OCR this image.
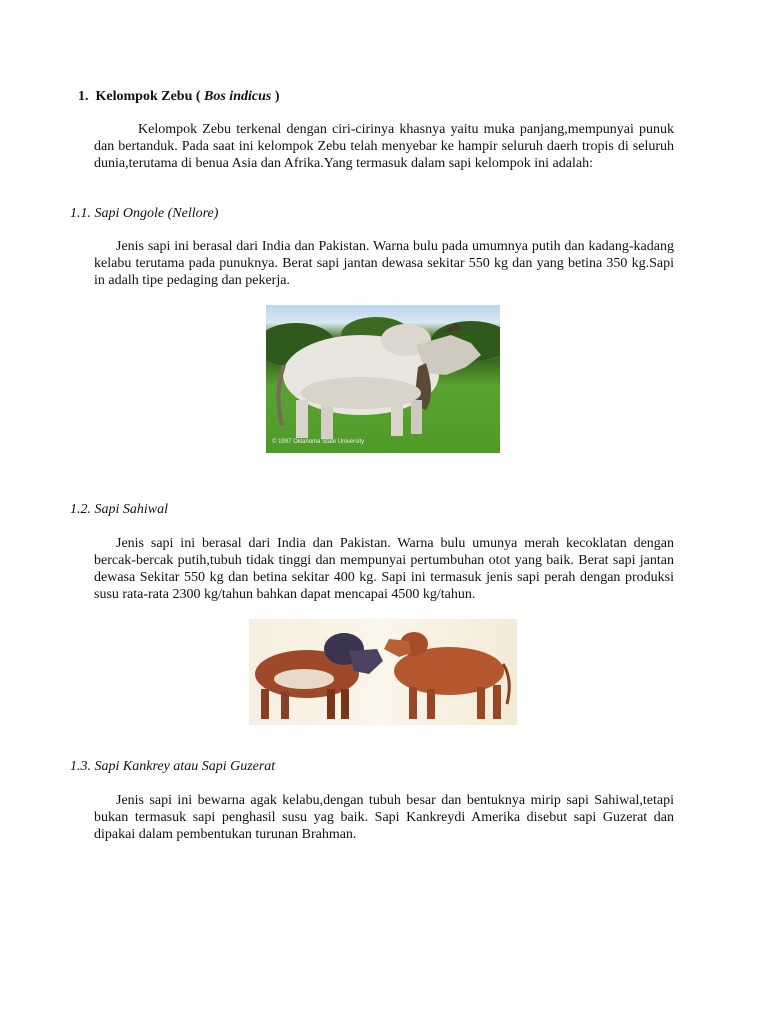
1. Kelompok Zebu ( Bos indicus )
Kelompok Zebu terkenal dengan ciri-cirinya khasnya yaitu muka panjang,mempunyai punuk dan bertanduk. Pada saat ini kelompok Zebu telah menyebar ke hampir seluruh daerh tropis di seluruh dunia,terutama di benua Asia dan Afrika.Yang termasuk dalam sapi kelompok ini adalah:
1.1. Sapi Ongole (Nellore)
Jenis sapi ini berasal dari India dan Pakistan. Warna bulu pada umumnya putih dan kadang-kadang kelabu terutama pada punuknya. Berat sapi jantan dewasa sekitar 550 kg dan yang betina 350 kg.Sapi in adalh tipe pedaging dan pekerja.
© 1997 Oklahoma State University
1.2. Sapi Sahiwal
Jenis sapi ini berasal dari India dan Pakistan. Warna bulu umunya merah kecoklatan dengan bercak-bercak putih,tubuh tidak tinggi dan mempunyai pertumbuhan otot yang baik. Berat sapi jantan dewasa Sekitar 550 kg dan betina sekitar 400 kg. Sapi ini termasuk jenis sapi perah dengan produksi susu rata-rata 2300 kg/tahun bahkan dapat mencapai 4500 kg/tahun.
1.3. Sapi Kankrey atau Sapi Guzerat
Jenis sapi ini bewarna agak kelabu,dengan tubuh besar dan bentuknya mirip sapi Sahiwal,tetapi bukan termasuk sapi penghasil susu yag baik. Sapi Kankreydi Amerika disebut sapi Guzerat dan dipakai dalam pembentukan turunan Brahman.
